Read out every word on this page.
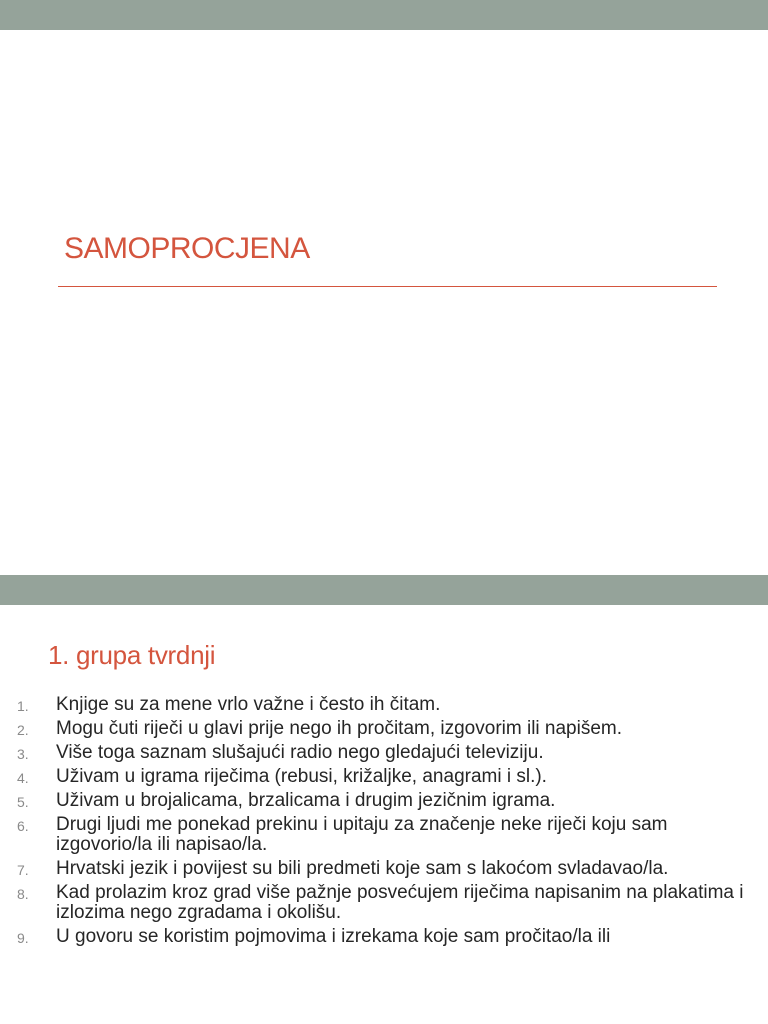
SAMOPROCJENA
1. grupa tvrdnji
1. Knjige su za mene vrlo važne i često ih čitam.
2. Mogu čuti riječi u glavi prije nego ih pročitam, izgovorim ili napišem.
3. Više toga saznam slušajući radio nego gledajući televiziju.
4. Uživam u igrama riječima (rebusi, križaljke, anagrami i sl.).
5. Uživam u brojalicama, brzalicama i drugim jezičnim igrama.
6. Drugi ljudi me ponekad prekinu i upitaju za značenje neke riječi koju sam izgovorio/la ili napisao/la.
7. Hrvatski jezik i povijest su bili predmeti koje sam s lakoćom svladavao/la.
8. Kad prolazim kroz grad više pažnje posvećujem riječima napisanim na plakatima i izlozima nego zgradama i okolišu.
9. U govoru se koristim pojmovima i izrekama koje sam pročitao/la ili
